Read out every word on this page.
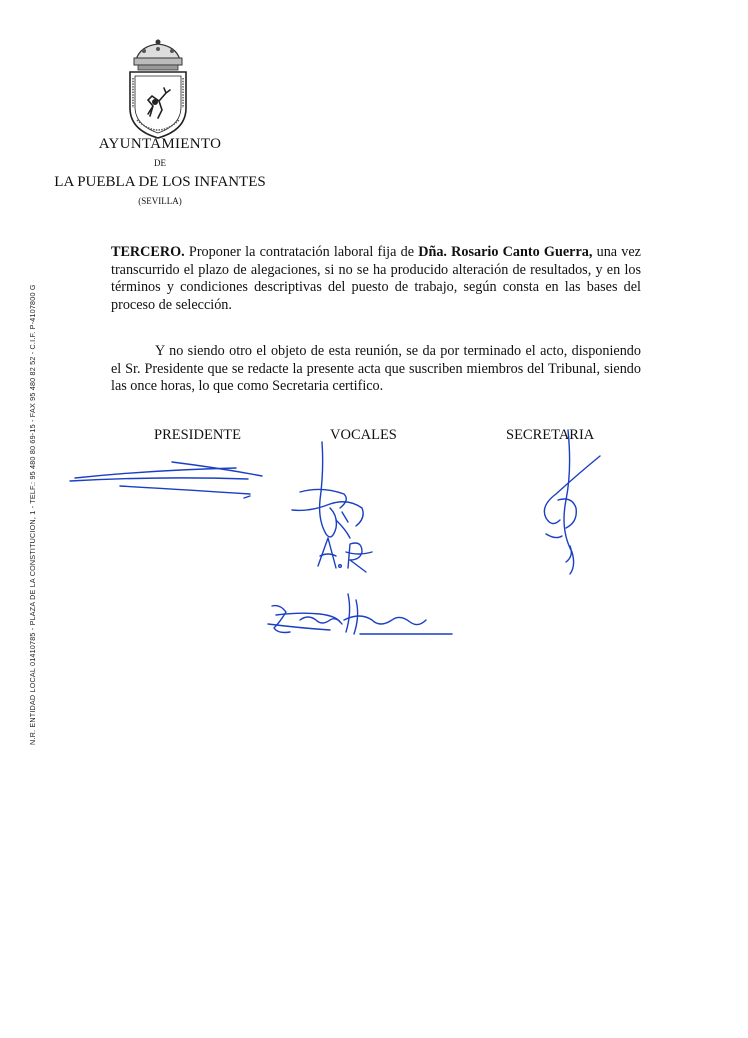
AYUNTAMIENTO
DE
LA PUEBLA DE LOS INFANTES
(SEVILLA)
TERCERO. Proponer la contratación laboral fija de Dña. Rosario Canto Guerra, una vez transcurrido el plazo de alegaciones, si no se ha producido alteración de resultados, y en los términos y condiciones descriptivas del puesto de trabajo, según consta en las bases del proceso de selección.
Y no siendo otro el objeto de esta reunión, se da por terminado el acto, disponiendo el Sr. Presidente que se redacte la presente acta que suscriben miembros del Tribunal, siendo las once horas, lo que como Secretaria certifico.
PRESIDENTE	VOCALES	SECRETARIA
N.R. ENTIDAD LOCAL 01410785 - PLAZA DE LA CONSTITUCION, 1 - TELF.: 95 480 80 69-15 - FAX 95 480 82 52 - C.I.F. P-4107800 G
